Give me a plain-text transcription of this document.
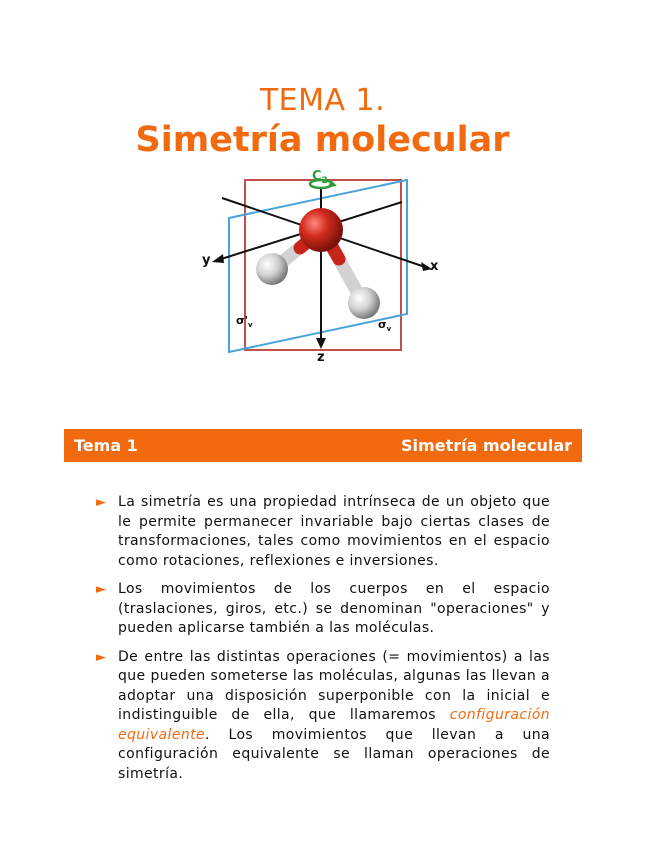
TEMA 1.
Simetría molecular
$C_2$
y	x
z
$\sigma'_v$	$\sigma_v$
Tema 1	Simetría molecular
► La simetría es una propiedad intrínseca de un objeto que le permite permanecer invariable bajo ciertas clases de transformaciones, tales como movimientos en el espacio como rotaciones, reflexiones e inversiones.
► Los movimientos de los cuerpos en el espacio (traslaciones, giros, etc.) se denominan "operaciones" y pueden aplicarse también a las moléculas.
► De entre las distintas operaciones (= movimientos) a las que pueden someterse las moléculas, algunas las llevan a adoptar una disposición superponible con la inicial e indistinguible de ella, que llamaremos configuración equivalente. Los movimientos que llevan a una configuración equivalente se llaman operaciones de simetría.
